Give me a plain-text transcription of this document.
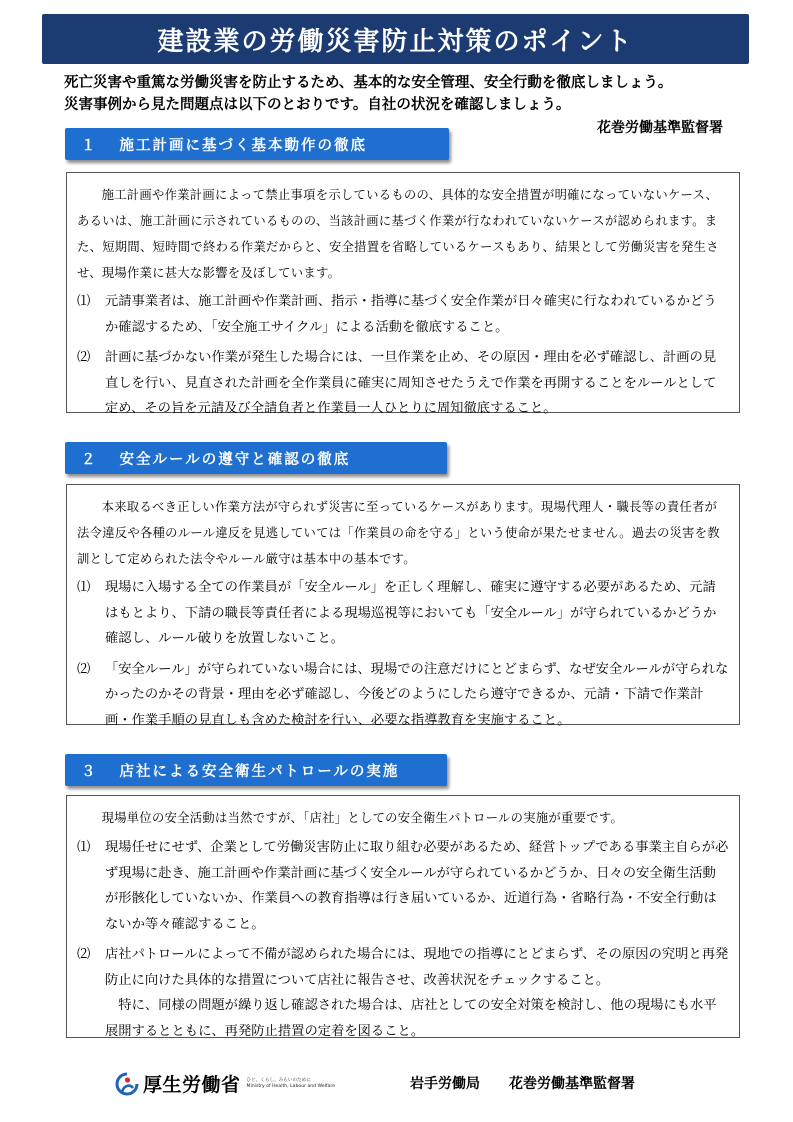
建設業の労働災害防止対策のポイント
死亡災害や重篤な労働災害を防止するため、基本的な安全管理、安全行動を徹底しましょう。
災害事例から見た問題点は以下のとおりです。自社の状況を確認しましょう。
花巻労働基準監督署
１ 施工計画に基づく基本動作の徹底

施工計画や作業計画によって禁止事項を示しているものの、具体的な安全措置が明確になっていないケース、あるいは、施工計画に示されているものの、当該計画に基づく作業が行なわれていないケースが認められます。また、短期間、短時間で終わる作業だからと、安全措置を省略しているケースもあり、結果として労働災害を発生させ、現場作業に甚大な影響を及ぼしています。

⑴	元請事業者は、施工計画や作業計画、指示・指導に基づく安全作業が日々確実に行なわれているかどうか確認するため、「安全施工サイクル」による活動を徹底すること。
⑵	計画に基づかない作業が発生した場合には、一旦作業を止め、その原因・理由を必ず確認し、計画の見直しを行い、見直された計画を全作業員に確実に周知させたうえで作業を再開することをルールとして定め、その旨を元請及び全請負者と作業員一人ひとりに周知徹底すること。
２ 安全ルールの遵守と確認の徹底

本来取るべき正しい作業方法が守られず災害に至っているケースがあります。現場代理人・職長等の責任者が法令違反や各種のルール違反を見逃していては「作業員の命を守る」という使命が果たせません。過去の災害を教訓として定められた法令やルール厳守は基本中の基本です。

⑴	現場に入場する全ての作業員が「安全ルール」を正しく理解し、確実に遵守する必要があるため、元請はもとより、下請の職長等責任者による現場巡視等においても「安全ルール」が守られているかどうか確認し、ルール破りを放置しないこと。
⑵	「安全ルール」が守られていない場合には、現場での注意だけにとどまらず、なぜ安全ルールが守られなかったのかその背景・理由を必ず確認し、今後どのようにしたら遵守できるか、元請・下請で作業計画・作業手順の見直しも含めた検討を行い、必要な指導教育を実施すること。
３ 店社による安全衛生パトロールの実施

現場単位の安全活動は当然ですが、「店社」としての安全衛生パトロールの実施が重要です。

⑴	現場任せにせず、企業として労働災害防止に取り組む必要があるため、経営トップである事業主自らが必ず現場に赴き、施工計画や作業計画に基づく安全ルールが守られているかどうか、日々の安全衛生活動が形骸化していないか、作業員への教育指導は行き届いているか、近道行為・省略行為・不安全行動はないか等々確認すること。
⑵	店社パトロールによって不備が認められた場合には、現地での指導にとどまらず、その原因の究明と再発防止に向けた具体的な措置について店社に報告させ、改善状況をチェックすること。
特に、同様の問題が繰り返し確認された場合は、店社としての安全対策を検討し、他の現場にも水平展開するとともに、再発防止措置の定着を図ること。
厚生労働省 ひと、くらし、みらいのために
Ministry of Health, Labour and Welfare	岩手労働局 花巻労働基準監督署
